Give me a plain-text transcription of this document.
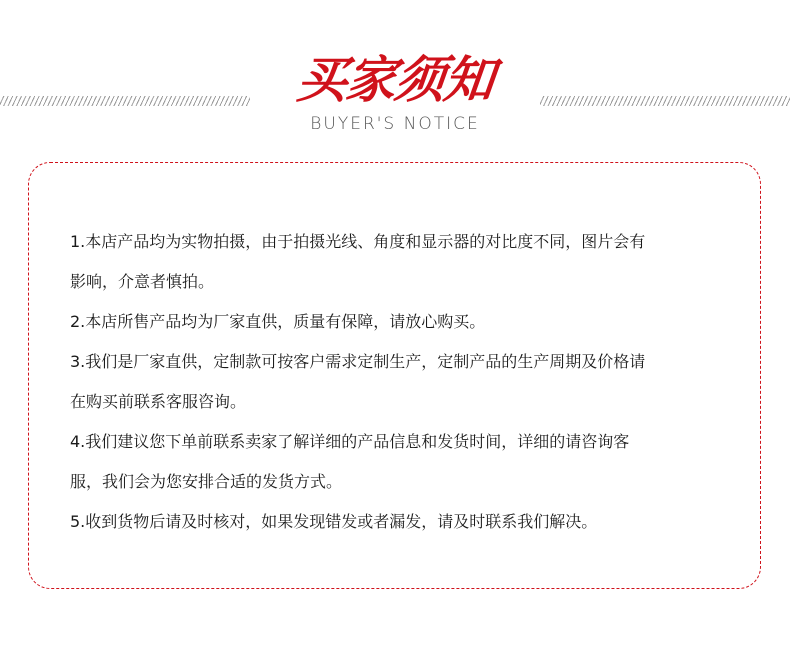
买家须知
BUYER'S NOTICE

1.本店产品均为实物拍摄，由于拍摄光线、角度和显示器的对比度不同，图片会有影响，介意者慎拍。

2.本店所售产品均为厂家直供，质量有保障，请放心购买。

3.我们是厂家直供，定制款可按客户需求定制生产，定制产品的生产周期及价格请在购买前联系客服咨询。

4.我们建议您下单前联系卖家了解详细的产品信息和发货时间，详细的请咨询客服，我们会为您安排合适的发货方式。

5.收到货物后请及时核对，如果发现错发或者漏发，请及时联系我们解决。
